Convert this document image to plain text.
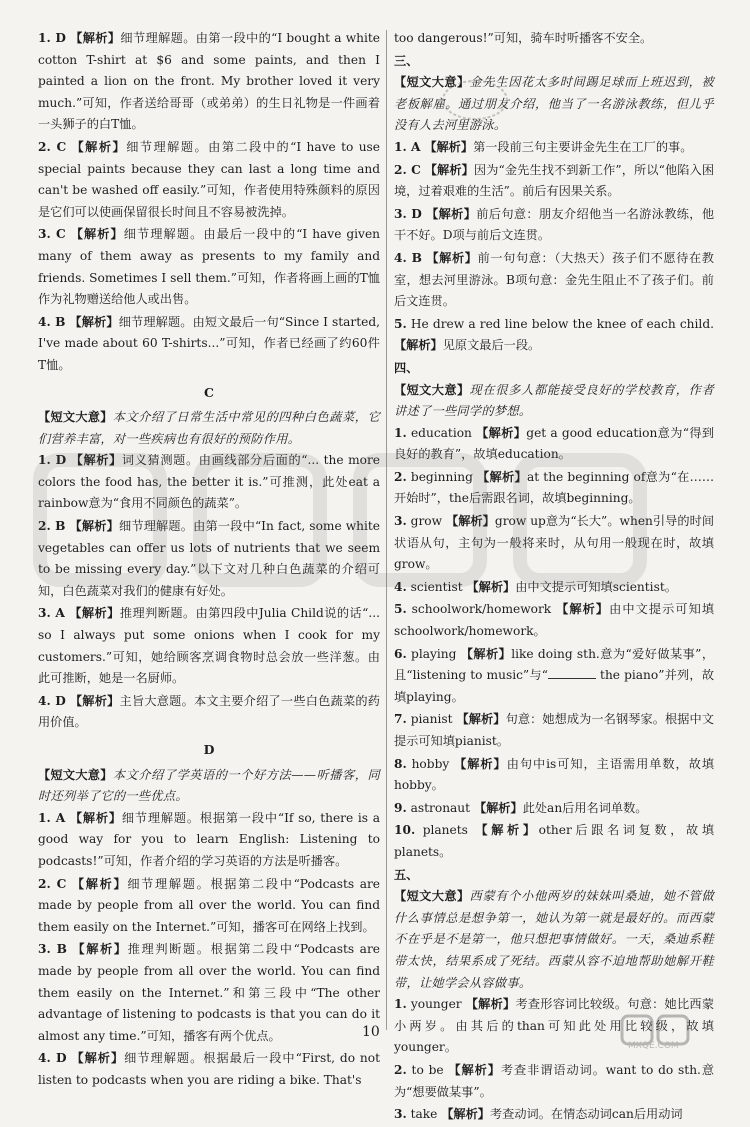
1. D 【解析】细节理解题。由第一段中的“I bought a white cotton T-shirt at $6 and some paints, and then I painted a lion on the front. My brother loved it very much.”可知，作者送给哥哥（或弟弟）的生日礼物是一件画着一头狮子的白T恤。

2. C 【解析】细节理解题。由第二段中的“I have to use special paints because they can last a long time and can't be washed off easily.”可知，作者使用特殊颜料的原因是它们可以使画保留很长时间且不容易被洗掉。

3. C 【解析】细节理解题。由最后一段中的“I have given many of them away as presents to my family and friends. Sometimes I sell them.”可知，作者将画上画的T恤作为礼物赠送给他人或出售。

4. B 【解析】细节理解题。由短文最后一句“Since I started, I've made about 60 T-shirts...”可知，作者已经画了约60件T恤。

C

【短文大意】本文介绍了日常生活中常见的四种白色蔬菜，它们营养丰富，对一些疾病也有很好的预防作用。

1. D 【解析】词义猜测题。由画线部分后面的“... the more colors the food has, the better it is.”可推测，此处eat a rainbow意为“食用不同颜色的蔬菜”。

2. B 【解析】细节理解题。由第一段中“In fact, some white vegetables can offer us lots of nutrients that we seem to be missing every day.”以下文对几种白色蔬菜的介绍可知，白色蔬菜对我们的健康有好处。

3. A 【解析】推理判断题。由第四段中Julia Child说的话“... so I always put some onions when I cook for my customers.”可知，她给顾客烹调食物时总会放一些洋葱。由此可推断，她是一名厨师。

4. D 【解析】主旨大意题。本文主要介绍了一些白色蔬菜的药用价值。

D

【短文大意】本文介绍了学英语的一个好方法——听播客，同时还列举了它的一些优点。

1. A 【解析】细节理解题。根据第一段中“If so, there is a good way for you to learn English: Listening to podcasts!”可知，作者介绍的学习英语的方法是听播客。

2. C 【解析】细节理解题。根据第二段中“Podcasts are made by people from all over the world. You can find them easily on the Internet.”可知，播客可在网络上找到。

3. B 【解析】推理判断题。根据第二段中“Podcasts are made by people from all over the world. You can find them easily on the Internet.”和第三段中“The other advantage of listening to podcasts is that you can do it almost any time.”可知，播客有两个优点。

4. D 【解析】细节理解题。根据最后一段中“First, do not listen to podcasts when you are riding a bike. That's

too dangerous!”可知，骑车时听播客不安全。

三、

【短文大意】金先生因花太多时间踢足球而上班迟到，被老板解雇。通过朋友介绍，他当了一名游泳教练，但儿乎没有人去河里游泳。

1. A 【解析】第一段前三句主要讲金先生在工厂的事。

2. C 【解析】因为“金先生找不到新工作”，所以“他陷入困境，过着艰难的生活”。前后有因果关系。

3. D 【解析】前后句意：朋友介绍他当一名游泳教练，他干不好。D项与前后文连贯。

4. B 【解析】前一句句意：（大热天）孩子们不愿待在教室，想去河里游泳。B项句意：金先生阻止不了孩子们。前后文连贯。

5. He drew a red line below the knee of each child. 【解析】见原文最后一段。

四、

【短文大意】现在很多人都能接受良好的学校教育，作者讲述了一些同学的梦想。

1. education 【解析】get a good education意为“得到良好的教育”，故填education。

2. beginning 【解析】at the beginning of意为“在……开始时”，the后需跟名词，故填beginning。

3. grow 【解析】grow up意为“长大”。when引导的时间状语从句，主句为一般将来时，从句用一般现在时，故填grow。

4. scientist 【解析】由中文提示可知填scientist。

5. schoolwork/homework 【解析】由中文提示可知填schoolwork/homework。

6. playing 【解析】like doing sth.意为“爱好做某事”，且“listening to music”与“	the piano”并列，故填playing。

7. pianist 【解析】句意：她想成为一名钢琴家。根据中文提示可知填pianist。

8. hobby 【解析】由句中is可知，主语需用单数，故填hobby。

9. astronaut 【解析】此处an后用名词单数。

10. planets 【解析】other后跟名词复数，故填planets。

五、

【短文大意】西蒙有个小他两岁的妹妹叫桑迪，她不管做什么事情总是想争第一，她认为第一就是最好的。而西蒙不在乎是不是第一，他只想把事情做好。一天，桑迪系鞋带太快，结果系成了死结。西蒙从容不迫地帮助她解开鞋带，让她学会从容做事。

1. younger 【解析】考查形容词比较级。句意：她比西蒙小两岁。由其后的than可知此处用比较级，故填younger。

2. to be 【解析】考查非谓语动词。want to do sth.意为“想要做某事”。

3. take 【解析】考查动词。在情态动词can后用动词

10
MXQE.COM
